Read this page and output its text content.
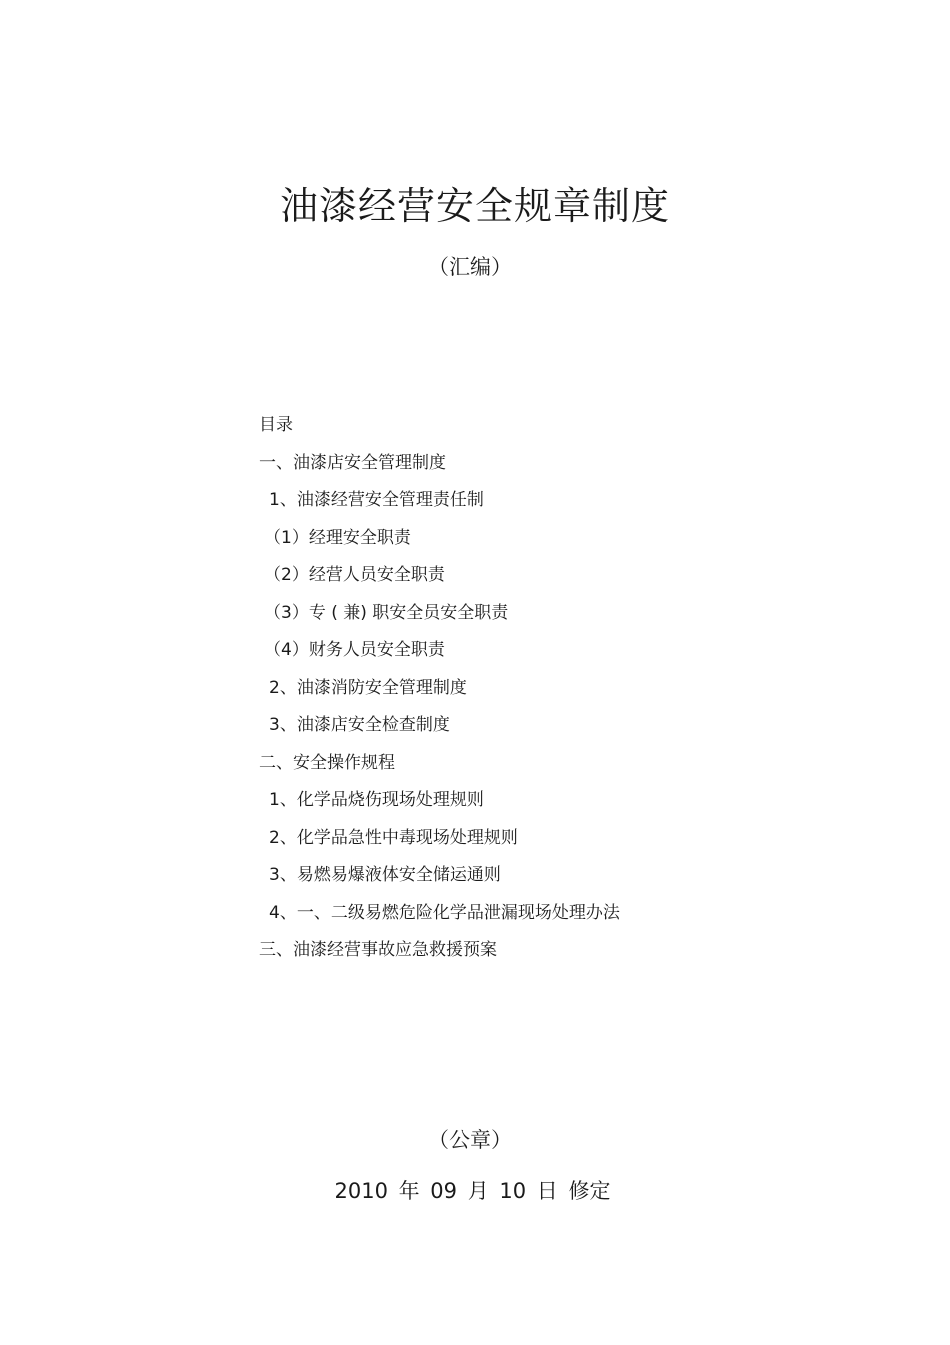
油漆经营安全规章制度
（汇编）
目录
一、油漆店安全管理制度
1、油漆经营安全管理责任制
（1）经理安全职责
（2）经营人员安全职责
（3）专 ( 兼) 职安全员安全职责
（4）财务人员安全职责
2、油漆消防安全管理制度
3、油漆店安全检查制度
二、安全操作规程
1、化学品烧伤现场处理规则
2、化学品急性中毒现场处理规则
3、易燃易爆液体安全储运通则
4、一、二级易燃危险化学品泄漏现场处理办法
三、油漆经营事故应急救援预案
（公章）
2010 年 09 月 10 日 修定
